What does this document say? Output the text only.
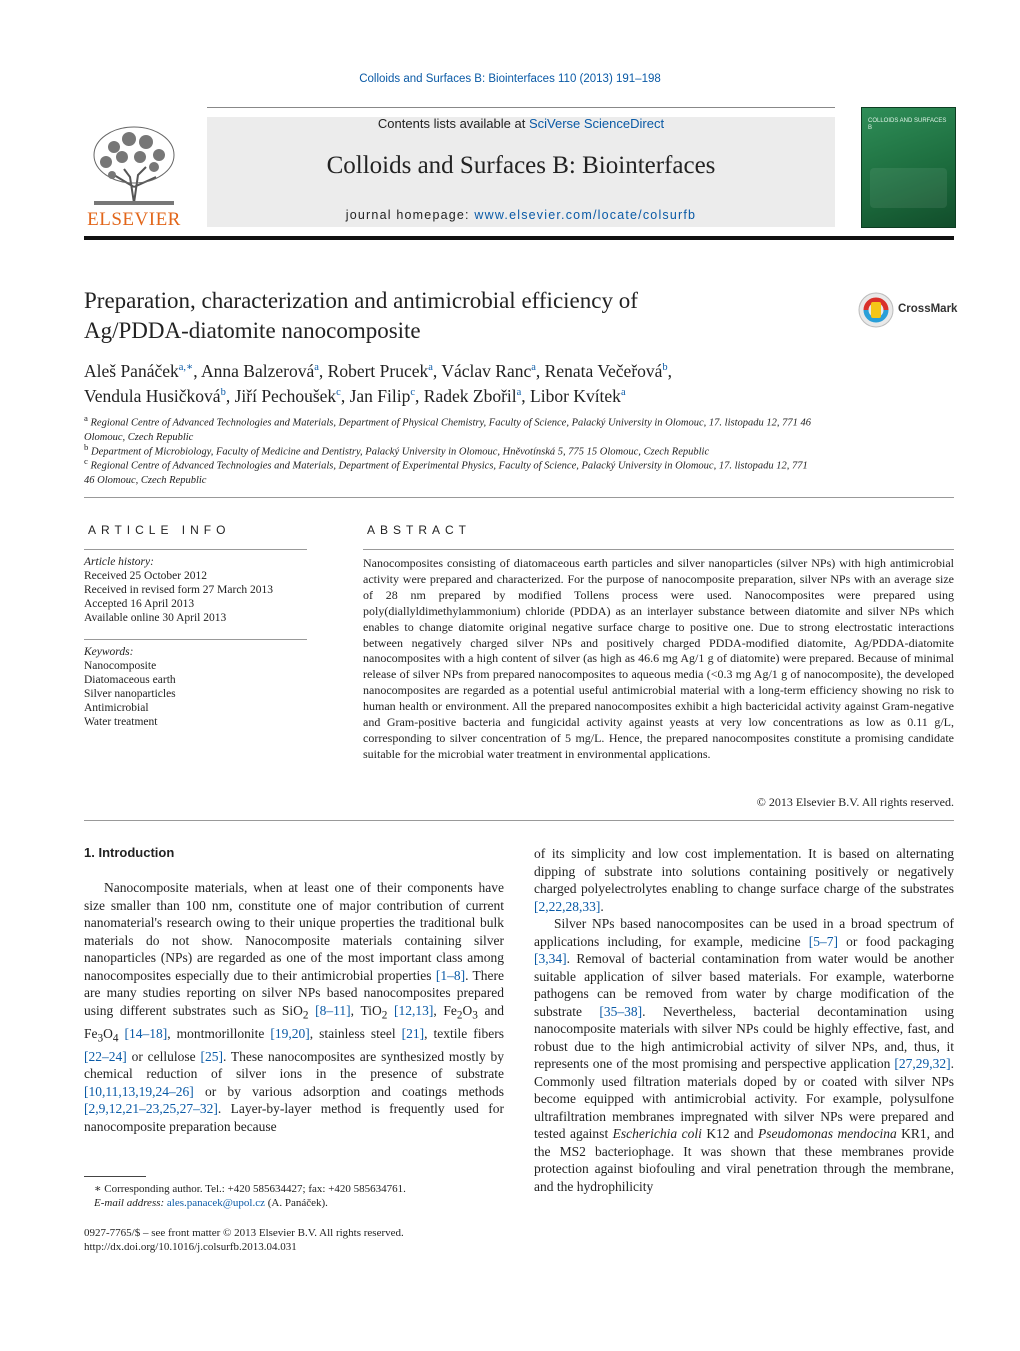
Colloids and Surfaces B: Biointerfaces 110 (2013) 191–198
ELSEVIER
Contents lists available at SciVerse ScienceDirect
Colloids and Surfaces B: Biointerfaces
journal homepage: www.elsevier.com/locate/colsurfb
COLLOIDS AND SURFACES B
Preparation, characterization and antimicrobial efficiency of
Ag/PDDA-diatomite nanocomposite
CrossMark
Aleš Panáček$^{a,∗}$, Anna Balzerová$^a$, Robert Prucek$^a$, Václav Ranc$^a$, Renata Večeřová$^b$,
Vendula Husičková$^b$, Jiří Pechoušek$^c$, Jan Filip$^c$, Radek Zbořil$^a$, Libor Kvítek$^a$
$^a$ Regional Centre of Advanced Technologies and Materials, Department of Physical Chemistry, Faculty of Science, Palacký University in Olomouc, 17. listopadu 12, 771 46 Olomouc, Czech Republic
$^b$ Department of Microbiology, Faculty of Medicine and Dentistry, Palacký University in Olomouc, Hněvotínská 5, 775 15 Olomouc, Czech Republic
$^c$ Regional Centre of Advanced Technologies and Materials, Department of Experimental Physics, Faculty of Science, Palacký University in Olomouc, 17. listopadu 12, 771 46 Olomouc, Czech Republic
ARTICLE INFO
Article history:
Received 25 October 2012
Received in revised form 27 March 2013
Accepted 16 April 2013
Available online 30 April 2013
Keywords:
Nanocomposite
Diatomaceous earth
Silver nanoparticles
Antimicrobial
Water treatment
ABSTRACT
Nanocomposites consisting of diatomaceous earth particles and silver nanoparticles (silver NPs) with high antimicrobial activity were prepared and characterized. For the purpose of nanocomposite preparation, silver NPs with an average size of 28 nm prepared by modified Tollens process were used. Nanocomposites were prepared using poly(diallyldimethylammonium) chloride (PDDA) as an interlayer substance between diatomite and silver NPs which enables to change diatomite original negative surface charge to positive one. Due to strong electrostatic interactions between negatively charged silver NPs and positively charged PDDA-modified diatomite, Ag/PDDA-diatomite nanocomposites with a high content of silver (as high as 46.6 mg Ag/1 g of diatomite) were prepared. Because of minimal release of silver NPs from prepared nanocomposites to aqueous media (<0.3 mg Ag/1 g of nanocomposite), the developed nanocomposites are regarded as a potential useful antimicrobial material with a long-term efficiency showing no risk to human health or environment. All the prepared nanocomposites exhibit a high bactericidal activity against Gram-negative and Gram-positive bacteria and fungicidal activity against yeasts at very low concentrations as low as 0.11 g/L, corresponding to silver concentration of 5 mg/L. Hence, the prepared nanocomposites constitute a promising candidate suitable for the microbial water treatment in environmental applications.
© 2013 Elsevier B.V. All rights reserved.
1. Introduction

Nanocomposite materials, when at least one of their components have size smaller than 100 nm, constitute one of major contribution of current nanomaterial's research owing to their unique properties the traditional bulk materials do not show. Nanocomposite materials containing silver nanoparticles (NPs) are regarded as one of the most important class among nanocomposites especially due to their antimicrobial properties [1–8]. There are many studies reporting on silver NPs based nanocomposites prepared using different substrates such as SiO$_2$ [8–11], TiO$_2$ [12,13], $Fe_2O_3$ and $Fe_3O_4$ [14–18], montmorillonite [19,20], stainless steel [21], textile fibers [22–24] or cellulose [25]. These nanocomposites are synthesized mostly by chemical reduction of silver ions in the presence of substrate [10,11,13,19,24–26] or by various adsorption and coatings methods [2,9,12,21–23,25,27–32]. Layer-by-layer method is frequently used for nanocomposite preparation because

of its simplicity and low cost implementation. It is based on alternating dipping of substrate into solutions containing positively or negatively charged polyelectrolytes enabling to change surface charge of the substrates [2,22,28,33].

Silver NPs based nanocomposites can be used in a broad spectrum of applications including, for example, medicine [5–7] or food packaging [3,34]. Removal of bacterial contamination from water would be another suitable application of silver based materials. For example, waterborne pathogens can be removed from water by charge modification of the substrate [35–38]. Nevertheless, bacterial decontamination using nanocomposite materials with silver NPs could be highly effective, fast, and robust due to the high antimicrobial activity of silver NPs, and, thus, it represents one of the most promising and perspective application [27,29,32]. Commonly used filtration materials doped by or coated with silver NPs become equipped with antimicrobial activity. For example, polysulfone ultrafiltration membranes impregnated with silver NPs were prepared and tested against Escherichia coli K12 and Pseudomonas mendocina KR1, and the MS2 bacteriophage. It was shown that these membranes provide protection against biofouling and viral penetration through the membrane, and the hydrophilicity

∗ Corresponding author. Tel.: +420 585634427; fax: +420 585634761.
E-mail address: ales.panacek@upol.cz (A. Panáček).
0927-7765/$ – see front matter © 2013 Elsevier B.V. All rights reserved.
http://dx.doi.org/10.1016/j.colsurfb.2013.04.031
